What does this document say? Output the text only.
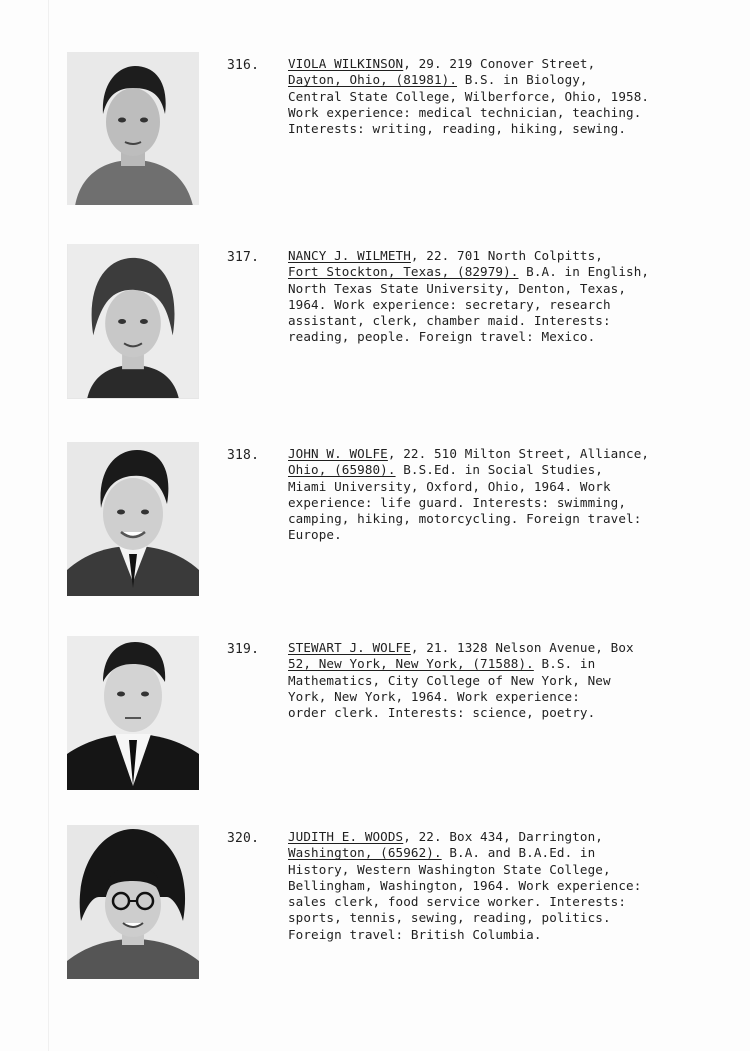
316. VIOLA WILKINSON, 29. 219 Conover Street,
Dayton, Ohio, (81981). B.S. in Biology,
Central State College, Wilberforce, Ohio, 1958.
Work experience: medical technician, teaching.
Interests: writing, reading, hiking, sewing.
317. NANCY J. WILMETH, 22. 701 North Colpitts,
Fort Stockton, Texas, (82979). B.A. in English,
North Texas State University, Denton, Texas,
1964. Work experience: secretary, research
assistant, clerk, chamber maid. Interests:
reading, people. Foreign travel: Mexico.
318. JOHN W. WOLFE, 22. 510 Milton Street, Alliance,
Ohio, (65980). B.S.Ed. in Social Studies,
Miami University, Oxford, Ohio, 1964. Work
experience: life guard. Interests: swimming,
camping, hiking, motorcycling. Foreign travel:
Europe.
319. STEWART J. WOLFE, 21. 1328 Nelson Avenue, Box
52, New York, New York, (71588). B.S. in
Mathematics, City College of New York, New
York, New York, 1964. Work experience:
order clerk. Interests: science, poetry.
320. JUDITH E. WOODS, 22. Box 434, Darrington,
Washington, (65962). B.A. and B.A.Ed. in
History, Western Washington State College,
Bellingham, Washington, 1964. Work experience:
sales clerk, food service worker. Interests:
sports, tennis, sewing, reading, politics.
Foreign travel: British Columbia.
